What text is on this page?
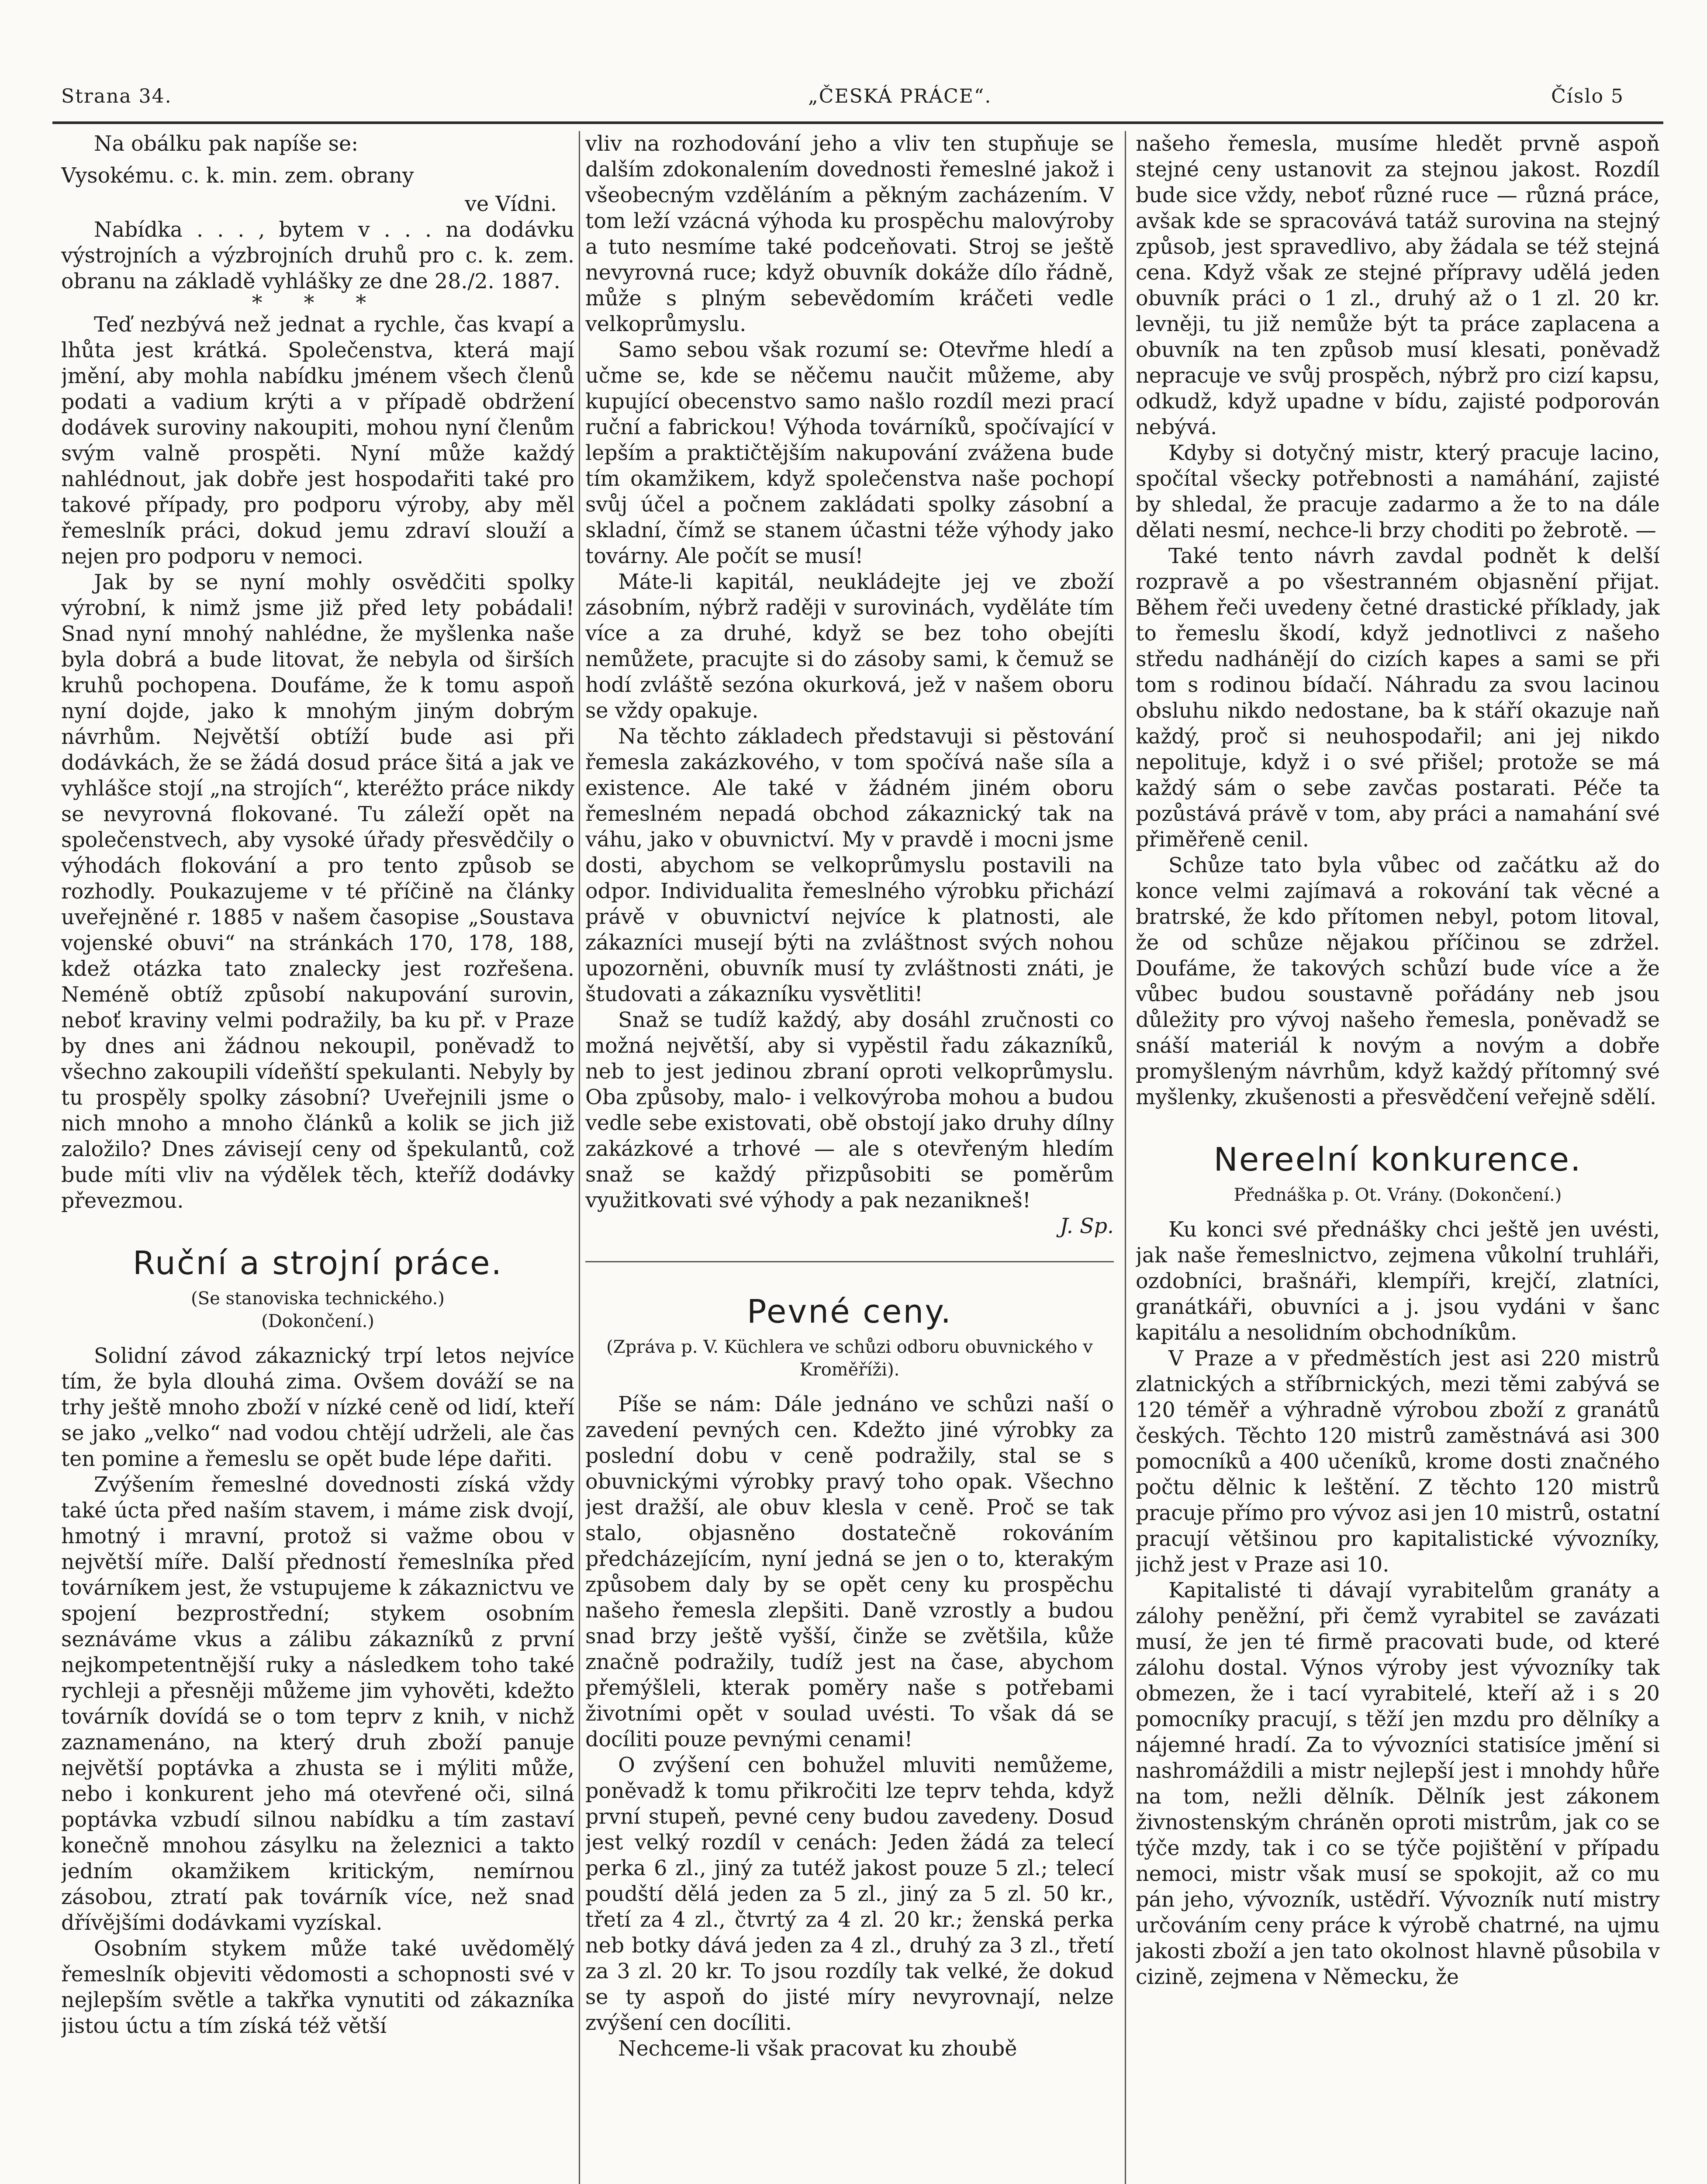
Strana 34.	„ČESKÁ PRÁCE“.	Číslo 5

Na obálku pak napíše se:

Vysokému. c. k. min. zem. obrany

ve Vídni.

Nabídka . . . , bytem v . . . na dodávku výstrojních a výzbrojních druhů pro c. k. zem. obranu na základě vyhlášky ze dne 28./2. 1887.

* * *

Teď nezbývá než jednat a rychle, čas kvapí a lhůta jest krátká. Společenstva, která mají jmění, aby mohla nabídku jménem všech členů podati a vadium krýti a v případě obdržení dodávek suroviny nakoupiti, mohou nyní členům svým valně prospěti. Nyní může každý nahlédnout, jak dobře jest hospodařiti také pro takové případy, pro podporu výroby, aby měl řemeslník práci, dokud jemu zdraví slouží a nejen pro podporu v nemoci.

Jak by se nyní mohly osvědčiti spolky výrobní, k nimž jsme již před lety pobádali! Snad nyní mnohý nahlédne, že myšlenka naše byla dobrá a bude litovat, že nebyla od širších kruhů pochopena. Doufáme, že k tomu aspoň nyní dojde, jako k mnohým jiným dobrým návrhům. Největší obtíží bude asi při dodávkách, že se žádá dosud práce šitá a jak ve vyhlášce stojí „na strojích“, kteréžto práce nikdy se nevyrovná flokované. Tu záleží opět na společenstvech, aby vysoké úřady přesvědčily o výhodách flokování a pro tento způsob se rozhodly. Poukazujeme v té příčině na články uveřejněné r. 1885 v našem časopise „Soustava vojenské obuvi“ na stránkách 170, 178, 188, kdež otázka tato znalecky jest rozřešena. Neméně obtíž způsobí nakupování surovin, neboť kraviny velmi podražily, ba ku př. v Praze by dnes ani žádnou nekoupil, poněvadž to všechno zakoupili vídeňští spekulanti. Nebyly by tu prospěly spolky zásobní? Uveřejnili jsme o nich mnoho a mnoho článků a kolik se jich již založilo? Dnes závisejí ceny od špekulantů, což bude míti vliv na výdělek těch, kteříž dodávky převezmou.

Ruční a strojní práce.

(Se stanoviska technického.)

(Dokončení.)

Solidní závod zákaznický trpí letos nejvíce tím, že byla dlouhá zima. Ovšem dováží se na trhy ještě mnoho zboží v nízké ceně od lidí, kteří se jako „velko“ nad vodou chtějí udrželi, ale čas ten pomine a řemeslu se opět bude lépe dařiti.

Zvýšením řemeslné dovednosti získá vždy také úcta před naším stavem, i máme zisk dvojí, hmotný i mravní, protož si važme obou v největší míře. Další předností řemeslníka před továrníkem jest, že vstupujeme k zákaznictvu ve spojení bezprostřední; stykem osobním seznáváme vkus a zálibu zákazníků z první nejkompetentnější ruky a následkem toho také rychleji a přesněji můžeme jim vyhověti, kdežto továrník dovídá se o tom teprv z knih, v nichž zaznamenáno, na který druh zboží panuje největší poptávka a zhusta se i mýliti může, nebo i konkurent jeho má otevřené oči, silná poptávka vzbudí silnou nabídku a tím zastaví konečně mnohou zásylku na železnici a takto jedním okamžikem kritickým, nemírnou zásobou, ztratí pak továrník více, než snad dřívějšími dodávkami vyzískal.

Osobním stykem může také uvědomělý řemeslník objeviti vědomosti a schopnosti své v nejlepším světle a takřka vynutiti od zákazníka jistou úctu a tím získá též větší

vliv na rozhodování jeho a vliv ten stupňuje se dalším zdokonalením dovednosti řemeslné jakož i všeobecným vzděláním a pěkným zacházením. V tom leží vzácná výhoda ku prospěchu malovýroby a tuto nesmíme také podceňovati. Stroj se ještě nevyrovná ruce; když obuvník dokáže dílo řádně, může s plným sebevědomím kráčeti vedle velkoprůmyslu.

Samo sebou však rozumí se: Otevřme hledí a učme se, kde se něčemu naučit můžeme, aby kupující obecenstvo samo našlo rozdíl mezi prací ruční a fabrickou! Výhoda továrníků, spočívající v lepším a praktičtějším nakupování zvážena bude tím okamžikem, když společenstva naše pochopí svůj účel a počnem zakládati spolky zásobní a skladní, čímž se stanem účastni téže výhody jako továrny. Ale počít se musí!

Máte-li kapitál, neukládejte jej ve zboží zásobním, nýbrž raději v surovinách, vyděláte tím více a za druhé, když se bez toho obejíti nemůžete, pracujte si do zásoby sami, k čemuž se hodí zvláště sezóna okurková, jež v našem oboru se vždy opakuje.

Na těchto základech představuji si pěstování řemesla zakázkového, v tom spočívá naše síla a existence. Ale také v žádném jiném oboru řemeslném nepadá obchod zákaznický tak na váhu, jako v obuvnictví. My v pravdě i mocni jsme dosti, abychom se velkoprůmyslu postavili na odpor. Individualita řemeslného výrobku přichází právě v obuvnictví nejvíce k platnosti, ale zákazníci musejí býti na zvláštnost svých nohou upozorněni, obuvník musí ty zvláštnosti znáti, je študovati a zákazníku vysvětliti!

Snaž se tudíž každý, aby dosáhl zručnosti co možná největší, aby si vypěstil řadu zákazníků, neb to jest jedinou zbraní oproti velkoprůmyslu. Oba způsoby, malo- i velkovýroba mohou a budou vedle sebe existovati, obě obstojí jako druhy dílny zakázkové a trhové — ale s otevřeným hledím snaž se každý přizpůsobiti se poměrům využitkovati své výhody a pak nezanikneš!

J. Sp.

Pevné ceny.

(Zpráva p. V. Küchlera ve schůzi odboru obuvnického v Kroměříži).

Píše se nám: Dále jednáno ve schůzi naší o zavedení pevných cen. Kdežto jiné výrobky za poslední dobu v ceně podražily, stal se s obuvnickými výrobky pravý toho opak. Všechno jest dražší, ale obuv klesla v ceně. Proč se tak stalo, objasněno dostatečně rokováním předcházejícím, nyní jedná se jen o to, kterakým způsobem daly by se opět ceny ku prospěchu našeho řemesla zlepšiti. Daně vzrostly a budou snad brzy ještě vyšší, činže se zvětšila, kůže značně podražily, tudíž jest na čase, abychom přemýšleli, kterak poměry naše s potřebami životními opět v soulad uvésti. To však dá se docíliti pouze pevnými cenami!

O zvýšení cen bohužel mluviti nemůžeme, poněvadž k tomu přikročiti lze teprv tehda, když první stupeň, pevné ceny budou zavedeny. Dosud jest velký rozdíl v cenách: Jeden žádá za telecí perka 6 zl., jiný za tutéž jakost pouze 5 zl.; telecí poudští dělá jeden za 5 zl., jiný za 5 zl. 50 kr., třetí za 4 zl., čtvrtý za 4 zl. 20 kr.; ženská perka neb botky dává jeden za 4 zl., druhý za 3 zl., třetí za 3 zl. 20 kr. To jsou rozdíly tak velké, že dokud se ty aspoň do jisté míry nevyrovnají, nelze zvýšení cen docíliti.

Nechceme-li však pracovat ku zhoubě

našeho řemesla, musíme hledět prvně aspoň stejné ceny ustanovit za stejnou jakost. Rozdíl bude sice vždy, neboť různé ruce — různá práce, avšak kde se spracovává tatáž surovina na stejný způsob, jest spravedlivo, aby žádala se též stejná cena. Když však ze stejné přípravy udělá jeden obuvník práci o 1 zl., druhý až o 1 zl. 20 kr. levněji, tu již nemůže být ta práce zaplacena a obuvník na ten způsob musí klesati, poněvadž nepracuje ve svůj prospěch, nýbrž pro cizí kapsu, odkudž, když upadne v bídu, zajisté podporován nebývá.

Kdyby si dotyčný mistr, který pracuje lacino, spočítal všecky potřebnosti a namáhání, zajisté by shledal, že pracuje zadarmo a že to na dále dělati nesmí, nechce-li brzy choditi po žebrotě. —

Také tento návrh zavdal podnět k delší rozpravě a po všestranném objasnění přijat. Během řeči uvedeny četné drastické příklady, jak to řemeslu škodí, když jednotlivci z našeho středu nadhánějí do cizích kapes a sami se při tom s rodinou bídačí. Náhradu za svou lacinou obsluhu nikdo nedostane, ba k stáří okazuje naň každý, proč si neuhospodařil; ani jej nikdo nepolituje, když i o své přišel; protože se má každý sám o sebe zavčas postarati. Péče ta pozůstává právě v tom, aby práci a namahání své přiměřeně cenil.

Schůze tato byla vůbec od začátku až do konce velmi zajímavá a rokování tak věcné a bratrské, že kdo přítomen nebyl, potom litoval, že od schůze nějakou příčinou se zdržel. Doufáme, že takových schůzí bude více a že vůbec budou soustavně pořádány neb jsou důležity pro vývoj našeho řemesla, poněvadž se snáší materiál k novým a novým a dobře promyšleným návrhům, když každý přítomný své myšlenky, zkušenosti a přesvědčení veřejně sdělí.

Nereelní konkurence.

Přednáška p. Ot. Vrány. (Dokončení.)

Ku konci své přednášky chci ještě jen uvésti, jak naše řemeslnictvo, zejmena vůkolní truhláři, ozdobníci, brašnáři, klempíři, krejčí, zlatníci, granátkáři, obuvníci a j. jsou vydáni v šanc kapitálu a nesolidním obchodníkům.

V Praze a v předměstích jest asi 220 mistrů zlatnických a stříbrnických, mezi těmi zabývá se 120 téměř a výhradně výrobou zboží z granátů českých. Těchto 120 mistrů zaměstnává asi 300 pomocníků a 400 učeníků, krome dosti značného počtu dělnic k leštění. Z těchto 120 mistrů pracuje přímo pro vývoz asi jen 10 mistrů, ostatní pracují většinou pro kapitalistické vývozníky, jichž jest v Praze asi 10.

Kapitalisté ti dávají vyrabitelům granáty a zálohy peněžní, při čemž vyrabitel se zavázati musí, že jen té firmě pracovati bude, od které zálohu dostal. Výnos výroby jest vývozníky tak obmezen, že i tací vyrabitelé, kteří až i s 20 pomocníky pracují, s těží jen mzdu pro dělníky a nájemné hradí. Za to vývozníci statisíce jmění si nashromáždili a mistr nejlepší jest i mnohdy hůře na tom, nežli dělník. Dělník jest zákonem živnostenským chráněn oproti mistrům, jak co se týče mzdy, tak i co se týče pojištění v případu nemoci, mistr však musí se spokojit, až co mu pán jeho, vývozník, ustědří. Vývozník nutí mistry určováním ceny práce k výrobě chatrné, na ujmu jakosti zboží a jen tato okolnost hlavně působila v cizině, zejmena v Německu, že
